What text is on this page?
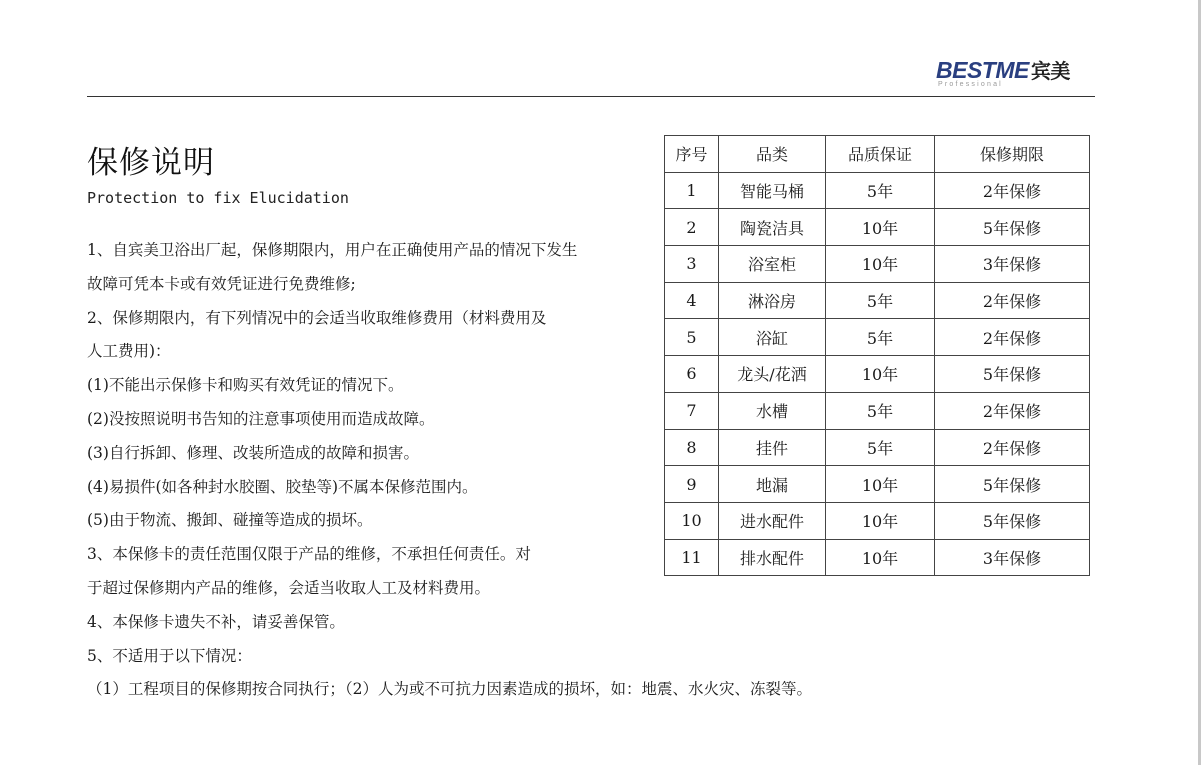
BESTME 宾美
Professional
保修说明
Protection to fix Elucidation
1、自宾美卫浴出厂起，保修期限内，用户在正确使用产品的情况下发生
故障可凭本卡或有效凭证进行免费维修;
2、保修期限内，有下列情况中的会适当收取维修费用（材料费用及
人工费用)：
(1)不能出示保修卡和购买有效凭证的情况下。
(2)没按照说明书告知的注意事项使用而造成故障。
(3)自行拆卸、修理、改装所造成的故障和损害。
(4)易损件(如各种封水胶圈、胶垫等)不属本保修范围内。
(5)由于物流、搬卸、碰撞等造成的损坏。
3、本保修卡的责任范围仅限于产品的维修，不承担任何责任。对
于超过保修期内产品的维修，会适当收取人工及材料费用。
4、本保修卡遗失不补，请妥善保管。
5、不适用于以下情况：
（1）工程项目的保修期按合同执行；（2）人为或不可抗力因素造成的损坏，如：地震、水火灾、冻裂等。
序号	品类	品质保证	保修期限
1	智能马桶	5年	2年保修
2	陶瓷洁具	10年	5年保修
3	浴室柜	10年	3年保修
4	淋浴房	5年	2年保修
5	浴缸	5年	2年保修
6	龙头/花洒	10年	5年保修
7	水槽	5年	2年保修
8	挂件	5年	2年保修
9	地漏	10年	5年保修
10	进水配件	10年	5年保修
11	排水配件	10年	3年保修
